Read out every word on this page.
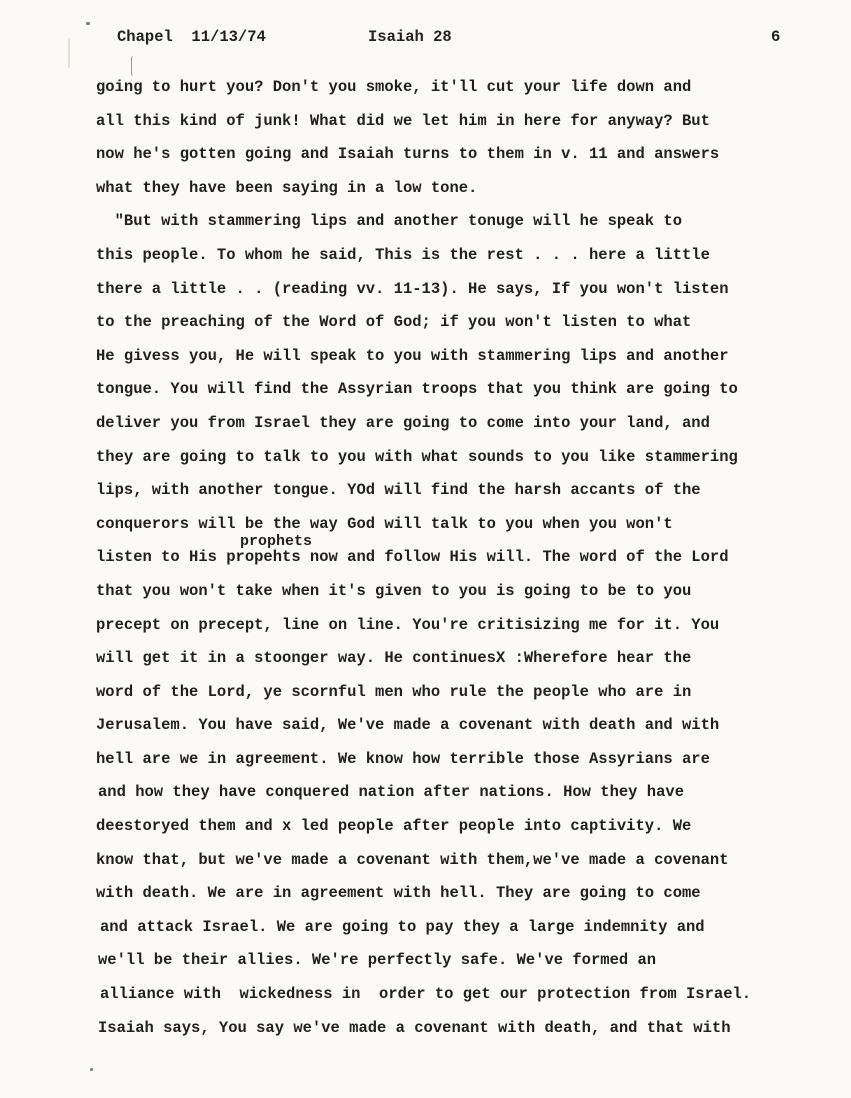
Chapel  11/13/74	Isaiah 28	6
prophets
going to hurt you? Don't you smoke, it'll cut your life down and
all this kind of junk! What did we let him in here for anyway? But
now he's gotten going and Isaiah turns to them in v. 11 and answers
what they have been saying in a low tone.
"But with stammering lips and another tonuge will he speak to
this people. To whom he said, This is the rest . . . here a little
there a little . . (reading vv. 11-13). He says, If you won't listen
to the preaching of the Word of God; if you won't listen to what
He givess you, He will speak to you with stammering lips and another
tongue. You will find the Assyrian troops that you think are going to
deliver you from Israel they are going to come into your land, and
they are going to talk to you with what sounds to you like stammering
lips, with another tongue. YOd will find the harsh accants of the
conquerors will be the way God will talk to you when you won't
listen to His propehts now and follow His will. The word of the Lord
that you won't take when it's given to you is going to be to you
precept on precept, line on line. You're critisizing me for it. You
will get it in a stoonger way. He continuesX :Wherefore hear the
word of the Lord, ye scornful men who rule the people who are in
Jerusalem. You have said, We've made a covenant with death and with
hell are we in agreement. We know how terrible those Assyrians are
and how they have conquered nation after nations. How they have
deestoryed them and x led people after people into captivity. We
know that, but we've made a covenant with them,we've made a covenant
with death. We are in agreement with hell. They are going to come
and attack Israel. We are going to pay they a large indemnity and
we'll be their allies. We're perfectly safe. We've formed an
alliance with  wickedness in  order to get our protection from Israel.
Isaiah says, You say we've made a covenant with death, and that with
